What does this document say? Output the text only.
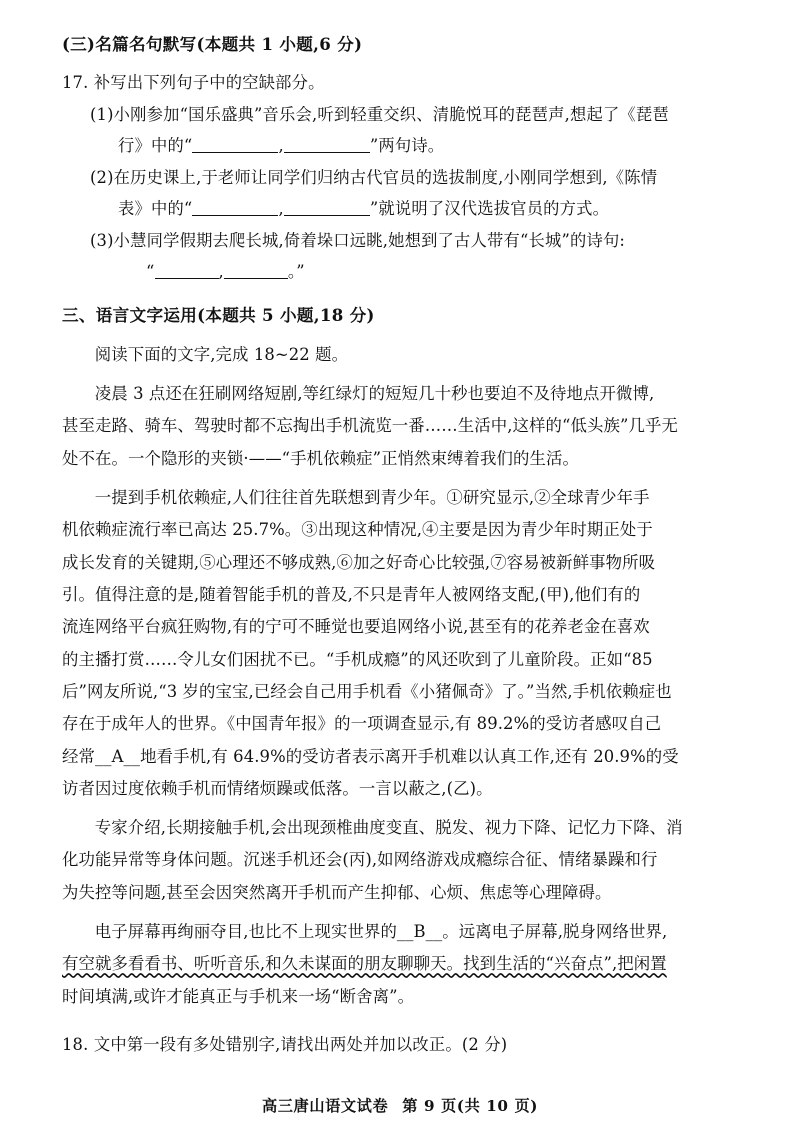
(三)名篇名句默写(本题共 1 小题,6 分)
17. 补写出下列句子中的空缺部分。
(1)小刚参加“国乐盛典”音乐会,听到轻重交织、清脆悦耳的琵琶声,想起了《琵琶
行》中的“	,	”两句诗。
(2)在历史课上,于老师让同学们归纳古代官员的选拔制度,小刚同学想到,《陈情
表》中的“	,	”就说明了汉代选拔官员的方式。
(3)小慧同学假期去爬长城,倚着垛口远眺,她想到了古人带有“长城”的诗句:
“	,	。”
三、语言文字运用(本题共 5 小题,18 分)
阅读下面的文字,完成 18~22 题。
凌晨 3 点还在狂刷网络短剧,等红绿灯的短短几十秒也要迫不及待地点开微博,
甚至走路、骑车、驾驶时都不忘掏出手机流览一番……生活中,这样的“低头族”几乎无
处不在。一个隐形的夹锁·——“手机依赖症”正悄然束缚着我们的生活。
一提到手机依赖症,人们往往首先联想到青少年。①研究显示,②全球青少年手
机依赖症流行率已高达 25.7%。③出现这种情况,④主要是因为青少年时期正处于
成长发育的关键期,⑤心理还不够成熟,⑥加之好奇心比较强,⑦容易被新鲜事物所吸
引。值得注意的是,随着智能手机的普及,不只是青年人被网络支配,(甲),他们有的
流连网络平台疯狂购物,有的宁可不睡觉也要追网络小说,甚至有的花养老金在喜欢
的主播打赏……令儿女们困扰不已。“手机成瘾”的风还吹到了儿童阶段。正如“85
后”网友所说,“3 岁的宝宝,已经会自己用手机看《小猪佩奇》了。”当然,手机依赖症也
存在于成年人的世界。《中国青年报》的一项调查显示,有 89.2%的受访者感叹自己
经常__A__地看手机,有 64.9%的受访者表示离开手机难以认真工作,还有 20.9%的受
访者因过度依赖手机而情绪烦躁或低落。一言以蔽之,(乙)。
专家介绍,长期接触手机,会出现颈椎曲度变直、脱发、视力下降、记忆力下降、消
化功能异常等身体问题。沉迷手机还会(丙),如网络游戏成瘾综合征、情绪暴躁和行
为失控等问题,甚至会因突然离开手机而产生抑郁、心烦、焦虑等心理障碍。
电子屏幕再绚丽夺目,也比不上现实世界的__B__。远离电子屏幕,脱身网络世界,
有空就多看看书、听听音乐,和久未谋面的朋友聊聊天。找到生活的“兴奋点”,把闲置
时间填满,或许才能真正与手机来一场“断舍离”。
18. 文中第一段有多处错别字,请找出两处并加以改正。(2 分)
高三唐山语文试卷 第 9 页(共 10 页)
